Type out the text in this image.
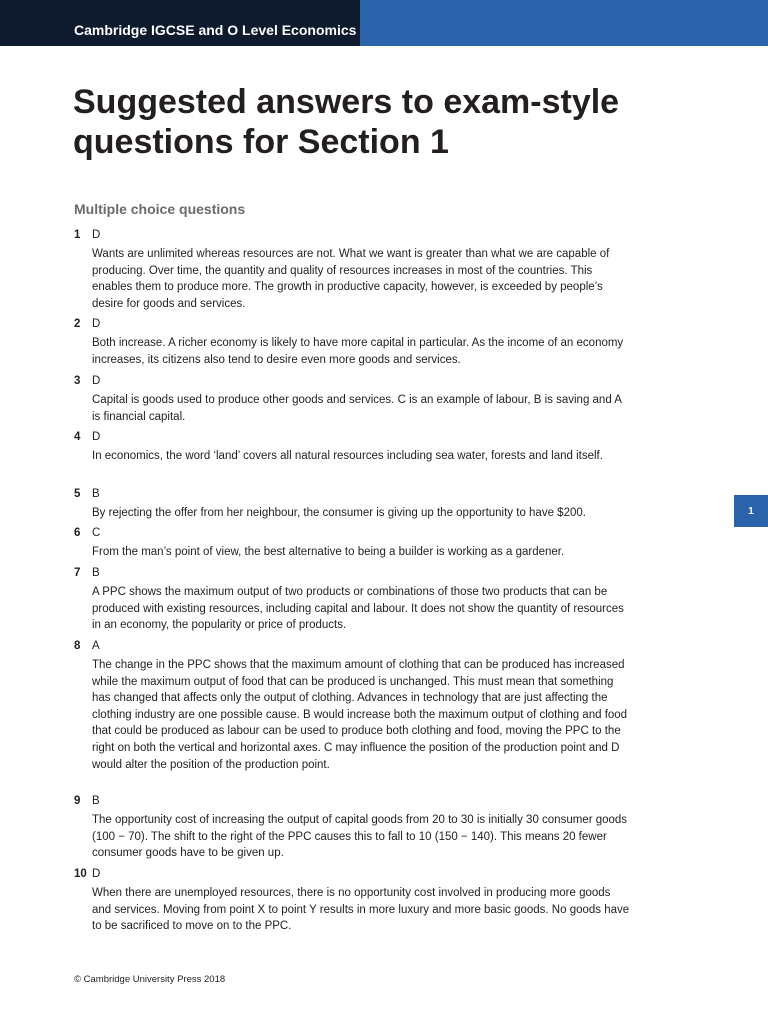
Cambridge IGCSE and O Level Economics
Suggested answers to exam-style questions for Section 1
Multiple choice questions
1 D
Wants are unlimited whereas resources are not. What we want is greater than what we are capable of producing. Over time, the quantity and quality of resources increases in most of the countries. This enables them to produce more. The growth in productive capacity, however, is exceeded by people’s desire for goods and services.
2 D
Both increase. A richer economy is likely to have more capital in particular. As the income of an economy increases, its citizens also tend to desire even more goods and services.
3 D
Capital is goods used to produce other goods and services. C is an example of labour, B is saving and A is financial capital.
4 D
In economics, the word ‘land’ covers all natural resources including sea water, forests and land itself.
5 B
By rejecting the offer from her neighbour, the consumer is giving up the opportunity to have $200.
6 C
From the man’s point of view, the best alternative to being a builder is working as a gardener.
7 B
A PPC shows the maximum output of two products or combinations of those two products that can be produced with existing resources, including capital and labour. It does not show the quantity of resources in an economy, the popularity or price of products.
8 A
The change in the PPC shows that the maximum amount of clothing that can be produced has increased while the maximum output of food that can be produced is unchanged. This must mean that something has changed that affects only the output of clothing. Advances in technology that are just affecting the clothing industry are one possible cause. B would increase both the maximum output of clothing and food that could be produced as labour can be used to produce both clothing and food, moving the PPC to the right on both the vertical and horizontal axes. C may influence the position of the production point and D would alter the position of the production point.
9 B
The opportunity cost of increasing the output of capital goods from 20 to 30 is initially 30 consumer goods (100 − 70). The shift to the right of the PPC causes this to fall to 10 (150 − 140). This means 20 fewer consumer goods have to be given up.
10 D
When there are unemployed resources, there is no opportunity cost involved in producing more goods and services. Moving from point X to point Y results in more luxury and more basic goods. No goods have to be sacrificed to move on to the PPC.
1
© Cambridge University Press 2018
